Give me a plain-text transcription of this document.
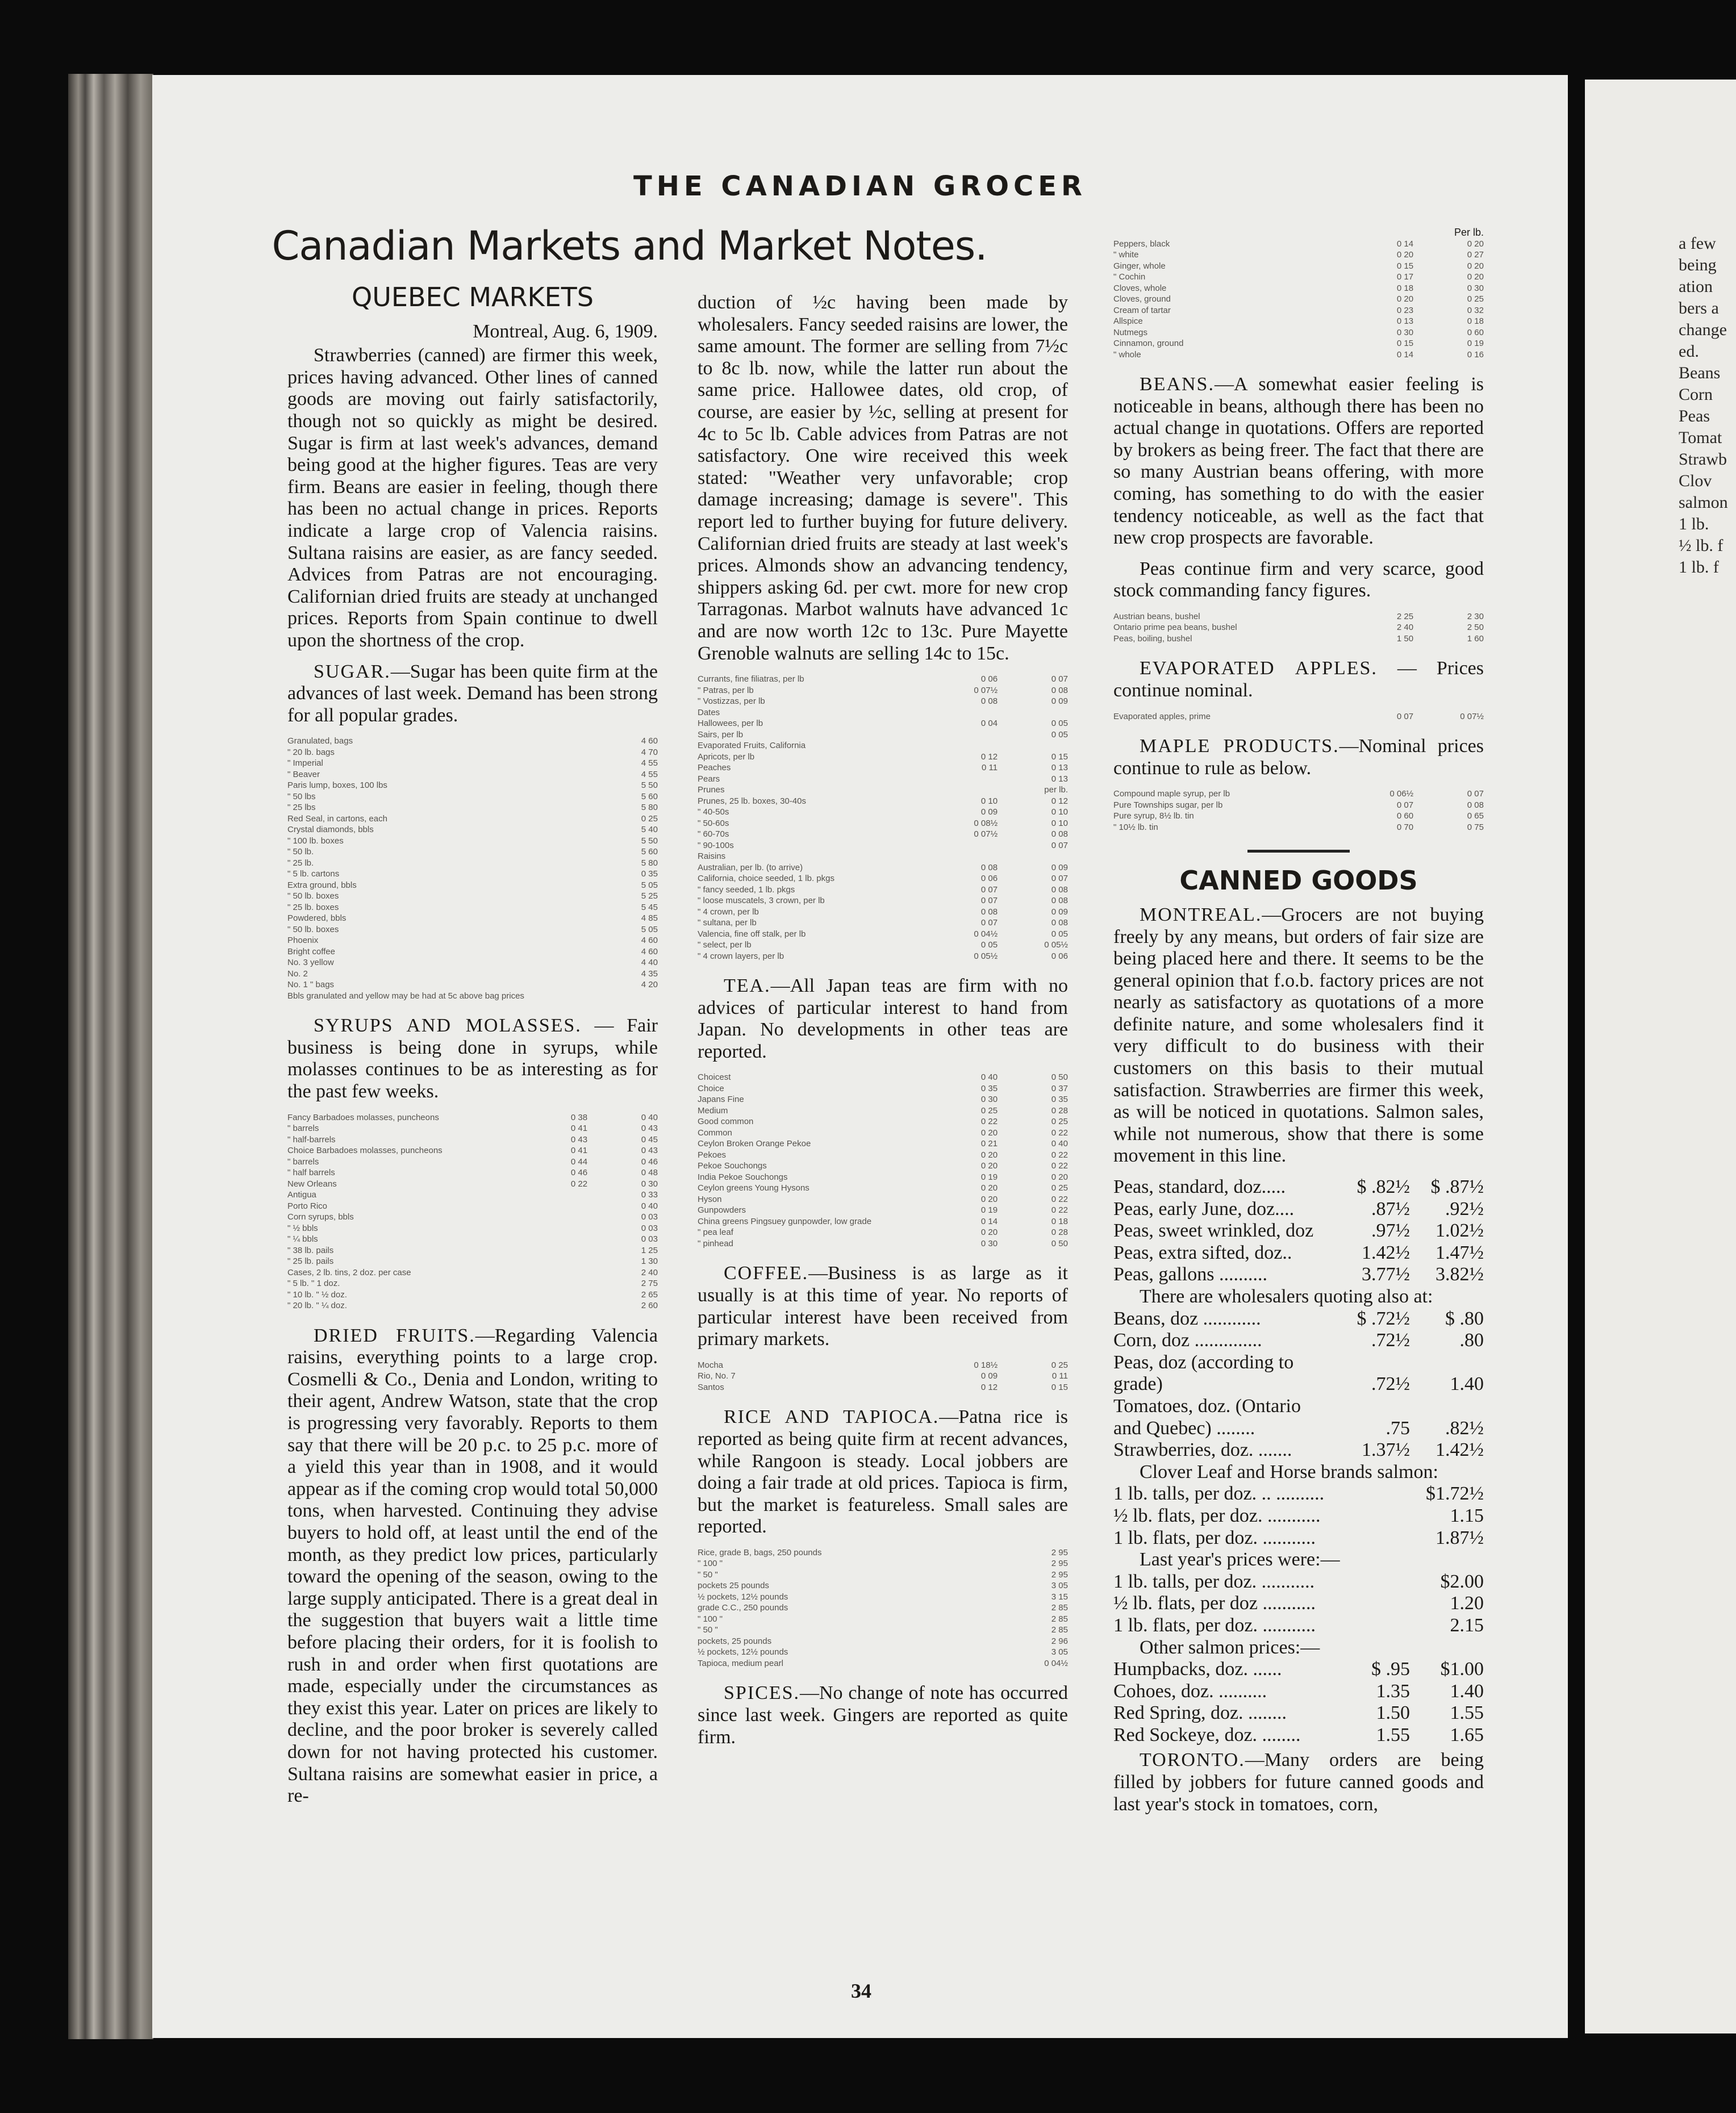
THE CANADIAN GROCER
Canadian Markets and Market Notes.
QUEBEC MARKETS
Montreal, Aug. 6, 1909.

Strawberries (canned) are firmer this week, prices having advanced. Other lines of canned goods are moving out fairly satisfactorily, though not so quickly as might be desired. Sugar is firm at last week's advances, demand being good at the higher figures. Teas are very firm. Beans are easier in feeling, though there has been no actual change in prices. Reports indicate a large crop of Valencia raisins. Sultana raisins are easier, as are fancy seeded. Advices from Patras are not encouraging. Californian dried fruits are steady at unchanged prices. Reports from Spain continue to dwell upon the shortness of the crop.

SUGAR.—Sugar has been quite firm at the advances of last week. Demand has been strong for all popular grades.

Granulated, bags		4 60
" 20 lb. bags		4 70
" Imperial		4 55
" Beaver		4 55
Paris lump, boxes, 100 lbs		5 50
" 50 lbs		5 60
" 25 lbs		5 80
Red Seal, in cartons, each		0 25
Crystal diamonds, bbls		5 40
" 100 lb. boxes		5 50
" 50 lb.		5 60
" 25 lb.		5 80
" 5 lb. cartons		0 35
Extra ground, bbls		5 05
" 50 lb. boxes		5 25
" 25 lb. boxes		5 45
Powdered, bbls		4 85
" 50 lb. boxes		5 05
Phoenix		4 60
Bright coffee		4 60
No. 3 yellow		4 40
No. 2		4 35
No. 1 " bags		4 20
Bbls granulated and yellow may be had at 5c above bag prices		

SYRUPS AND MOLASSES. — Fair business is being done in syrups, while molasses continues to be as interesting as for the past few weeks.

Fancy Barbadoes molasses, puncheons	0 38	0 40
" barrels	0 41	0 43
" half-barrels	0 43	0 45
Choice Barbadoes molasses, puncheons	0 41	0 43
" barrels	0 44	0 46
" half barrels	0 46	0 48
New Orleans	0 22	0 30
Antigua		0 33
Porto Rico		0 40
Corn syrups, bbls		0 03
" ½ bbls		0 03
" ¼ bbls		0 03
" 38 lb. pails		1 25
" 25 lb. pails		1 30
Cases, 2 lb. tins, 2 doz. per case		2 40
" 5 lb. " 1 doz.		2 75
" 10 lb. " ½ doz.		2 65
" 20 lb. " ¼ doz.		2 60

DRIED FRUITS.—Regarding Valencia raisins, everything points to a large crop. Cosmelli & Co., Denia and London, writing to their agent, Andrew Watson, state that the crop is progressing very favorably. Reports to them say that there will be 20 p.c. to 25 p.c. more of a yield this year than in 1908, and it would appear as if the coming crop would total 50,000 tons, when harvested. Continuing they advise buyers to hold off, at least until the end of the month, as they predict low prices, particularly toward the opening of the season, owing to the large supply anticipated. There is a great deal in the suggestion that buyers wait a little time before placing their orders, for it is foolish to rush in and order when first quotations are made, especially under the circumstances as they exist this year. Later on prices are likely to decline, and the poor broker is severely called down for not having protected his customer. Sultana raisins are somewhat easier in price, a re-

duction of ½c having been made by wholesalers. Fancy seeded raisins are lower, the same amount. The former are selling from 7½c to 8c lb. now, while the latter run about the same price. Hallowee dates, old crop, of course, are easier by ½c, selling at present for 4c to 5c lb. Cable advices from Patras are not satisfactory. One wire received this week stated: "Weather very unfavorable; crop damage increasing; damage is severe". This report led to further buying for future delivery. Californian dried fruits are steady at last week's prices. Almonds show an advancing tendency, shippers asking 6d. per cwt. more for new crop Tarragonas. Marbot walnuts have advanced 1c and are now worth 12c to 13c. Pure Mayette Grenoble walnuts are selling 14c to 15c.

Currants, fine filiatras, per lb	0 06	0 07
" Patras, per lb	0 07½	0 08
" Vostizzas, per lb	0 08	0 09
Dates		
Hallowees, per lb	0 04	0 05
Sairs, per lb		0 05
Evaporated Fruits, California		
Apricots, per lb	0 12	0 15
Peaches	0 11	0 13
Pears		0 13
Prunes		per lb.
Prunes, 25 lb. boxes, 30-40s	0 10	0 12
" 40-50s	0 09	0 10
" 50-60s	0 08½	0 10
" 60-70s	0 07½	0 08
" 90-100s		0 07
Raisins		
Australian, per lb. (to arrive)	0 08	0 09
California, choice seeded, 1 lb. pkgs	0 06	0 07
" fancy seeded, 1 lb. pkgs	0 07	0 08
" loose muscatels, 3 crown, per lb	0 07	0 08
" 4 crown, per lb	0 08	0 09
" sultana, per lb	0 07	0 08
Valencia, fine off stalk, per lb	0 04½	0 05
" select, per lb	0 05	0 05½
" 4 crown layers, per lb	0 05½	0 06

TEA.—All Japan teas are firm with no advices of particular interest to hand from Japan. No developments in other teas are reported.

Choicest	0 40	0 50
Choice	0 35	0 37
Japans Fine	0 30	0 35
Medium	0 25	0 28
Good common	0 22	0 25
Common	0 20	0 22
Ceylon Broken Orange Pekoe	0 21	0 40
Pekoes	0 20	0 22
Pekoe Souchongs	0 20	0 22
India Pekoe Souchongs	0 19	0 20
Ceylon greens Young Hysons	0 20	0 25
Hyson	0 20	0 22
Gunpowders	0 19	0 22
China greens Pingsuey gunpowder, low grade	0 14	0 18
" pea leaf	0 20	0 28
" pinhead	0 30	0 50

COFFEE.—Business is as large as it usually is at this time of year. No reports of particular interest have been received from primary markets.

Mocha	0 18½	0 25
Rio, No. 7	0 09	0 11
Santos	0 12	0 15

RICE AND TAPIOCA.—Patna rice is reported as being quite firm at recent advances, while Rangoon is steady. Local jobbers are doing a fair trade at old prices. Tapioca is firm, but the market is featureless. Small sales are reported.

Rice, grade B, bags, 250 pounds		2 95
" 100 "		2 95
" 50 "		2 95
pockets 25 pounds		3 05
½ pockets, 12½ pounds		3 15
grade C.C., 250 pounds		2 85
" 100 "		2 85
" 50 "		2 85
pockets, 25 pounds		2 96
½ pockets, 12½ pounds		3 05
Tapioca, medium pearl		0 04½

SPICES.—No change of note has occurred since last week. Gingers are reported as quite firm.

	Per lb.	
Peppers, black	0 14	0 20
" white	0 20	0 27
Ginger, whole	0 15	0 20
" Cochin	0 17	0 20
Cloves, whole	0 18	0 30
Cloves, ground	0 20	0 25
Cream of tartar	0 23	0 32
Allspice	0 13	0 18
Nutmegs	0 30	0 60
Cinnamon, ground	0 15	0 19
" whole	0 14	0 16

BEANS.—A somewhat easier feeling is noticeable in beans, although there has been no actual change in quotations. Offers are reported by brokers as being freer. The fact that there are so many Austrian beans offering, with more coming, has something to do with the easier tendency noticeable, as well as the fact that new crop prospects are favorable.

Peas continue firm and very scarce, good stock commanding fancy figures.

Austrian beans, bushel	2 25	2 30
Ontario prime pea beans, bushel	2 40	2 50
Peas, boiling, bushel	1 50	1 60

EVAPORATED APPLES. — Prices continue nominal.

Evaporated apples, prime	0 07	0 07½

MAPLE PRODUCTS.—Nominal prices continue to rule as below.

Compound maple syrup, per lb	0 06½	0 07
Pure Townships sugar, per lb	0 07	0 08
Pure syrup, 8½ lb. tin	0 60	0 65
" 10½ lb. tin	0 70	0 75
CANNED GOODS

MONTREAL.—Grocers are not buying freely by any means, but orders of fair size are being placed here and there. It seems to be the general opinion that f.o.b. factory prices are not nearly as satisfactory as quotations of a more definite nature, and some wholesalers find it very difficult to do business with their customers on this basis to their mutual satisfaction. Strawberries are firmer this week, as will be noticed in quotations. Salmon sales, while not numerous, show that there is some movement in this line.

Peas, standard, doz.....	$ .82½	$ .87½
Peas, early June, doz....	.87½	.92½
Peas, sweet wrinkled, doz	.97½	1.02½
Peas, extra sifted, doz..	1.42½	1.47½
Peas, gallons ..........	3.77½	3.82½
There are wholesalers quoting also at:
Beans, doz ............	$ .72½	$ .80
Corn, doz ..............	.72½	.80
Peas, doz (according to		
grade)	.72½	1.40
Tomatoes, doz. (Ontario		
and Quebec) ........	.75	.82½
Strawberries, doz. .......	1.37½	1.42½
Clover Leaf and Horse brands salmon:
1 lb. talls, per doz. .. ..........		$1.72½
½ lb. flats, per doz. ...........		1.15
1 lb. flats, per doz. ...........		1.87½
Last year's prices were:—
1 lb. talls, per doz. ...........		$2.00
½ lb. flats, per doz ...........		1.20
1 lb. flats, per doz. ...........		2.15
Other salmon prices:—
Humpbacks, doz. ......	$ .95	$1.00
Cohoes, doz. ..........	1.35	1.40
Red Spring, doz. ........	1.50	1.55
Red Sockeye, doz. ........	1.55	1.65

TORONTO.—Many orders are being filled by jobbers for future canned goods and last year's stock in tomatoes, corn,

34
a few
being
ation
bers a
change
ed.
Beans
Corn
Peas
Tomat
Strawb
Clov
salmon
1 lb.
½ lb. f
1 lb. f
